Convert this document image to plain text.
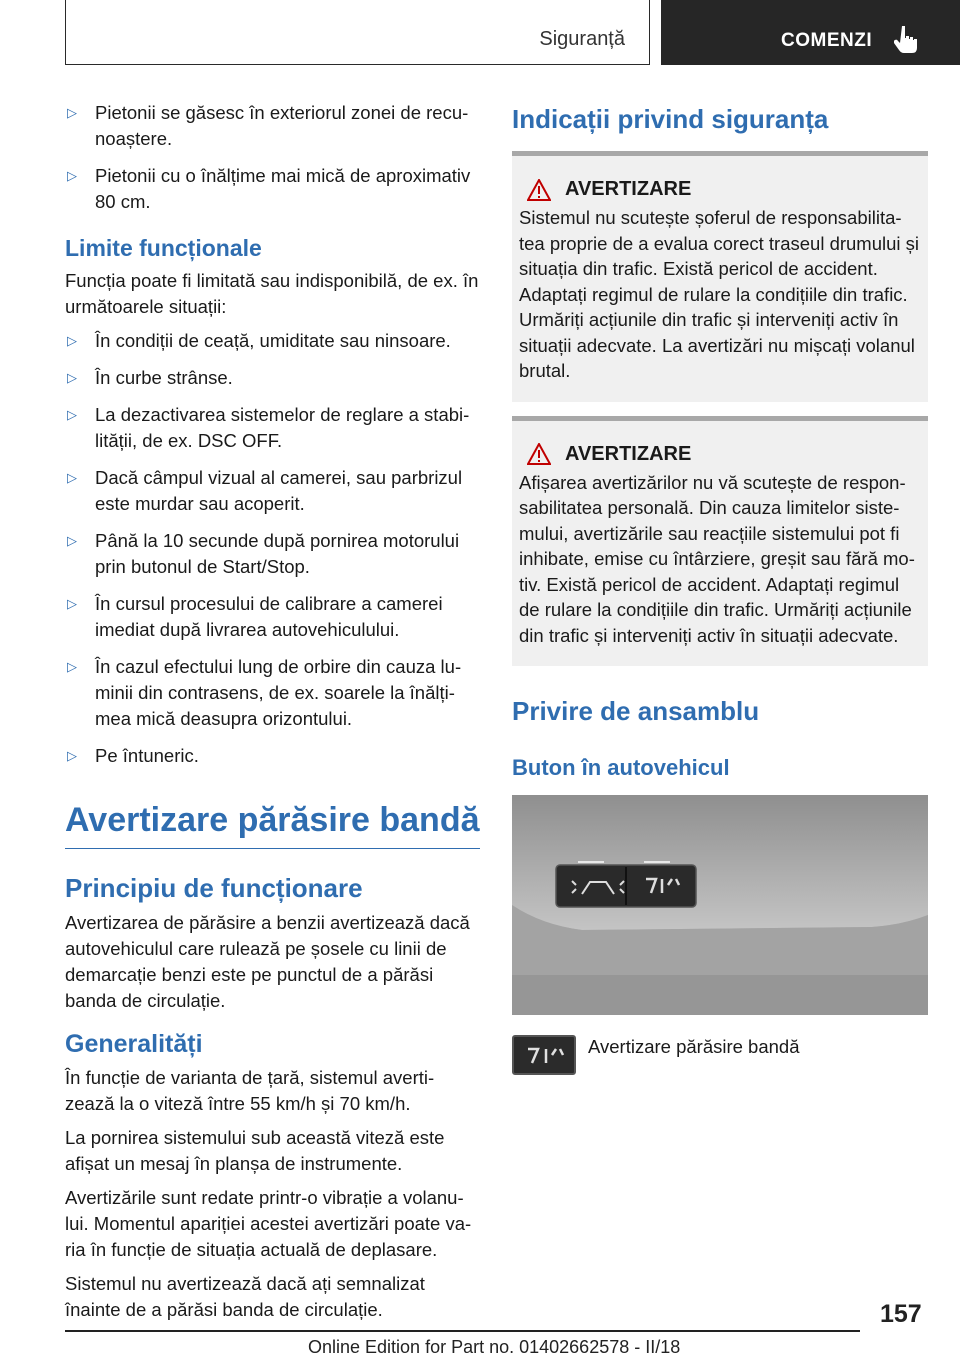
Siguranță	COMENZI
▷ Pietonii se găsesc în exteriorul zonei de recu‐ noaștere.
▷ Pietonii cu o înălțime mai mică de aproximativ 80 cm.
Limite funcționale

Funcția poate fi limitată sau indisponibilă, de ex. în următoarele situații:

▷ În condiții de ceață, umiditate sau ninsoare.
▷ În curbe strânse.
▷ La dezactivarea sistemelor de reglare a stabi‐ lității, de ex. DSC OFF.
▷ Dacă câmpul vizual al camerei, sau parbrizul este murdar sau acoperit.
▷ Până la 10 secunde după pornirea motorului prin butonul de Start/Stop.
▷ În cursul procesului de calibrare a camerei imediat după livrarea autovehiculului.
▷ În cazul efectului lung de orbire din cauza lu‐ minii din contrasens, de ex. soarele la înălți‐ mea mică deasupra orizontului.
▷ Pe întuneric.
Avertizare părăsire bandă
Principiu de funcționare

Avertizarea de părăsire a benzii avertizează dacă autovehiculul care rulează pe șosele cu linii de demarcație benzi este pe punctul de a părăsi banda de circulație.

Generalități

În funcție de varianta de țară, sistemul averti‐ zează la o viteză între 55 km/h și 70 km/h.

La pornirea sistemului sub această viteză este afișat un mesaj în planșa de instrumente.

Avertizările sunt redate printr-o vibrație a volanu‐ lui. Momentul apariției acestei avertizări poate va‐ ria în funcție de situația actuală de deplasare.

Sistemul nu avertizează dacă ați semnalizat înainte de a părăsi banda de circulație.

Indicații privind siguranța
AVERTIZARE

Sistemul nu scutește șoferul de responsabilita‐ tea proprie de a evalua corect traseul drumului și situația din trafic. Există pericol de accident. Adaptați regimul de rulare la condițiile din trafic. Urmăriți acțiunile din trafic și interveniți activ în situații adecvate. La avertizări nu mișcați volanul brutal.

AVERTIZARE

Afișarea avertizărilor nu vă scutește de respon‐ sabilitatea personală. Din cauza limitelor siste‐ mului, avertizările sau reacțiile sistemului pot fi inhibate, emise cu întârziere, greșit sau fără mo‐ tiv. Există pericol de accident. Adaptați regimul de rulare la condițiile din trafic. Urmăriți acțiunile din trafic și interveniți activ în situații adecvate.

Privire de ansamblu
Buton în autovehicul
Avertizare părăsire bandă
157
Online Edition for Part no. 01402662578 - II/18
